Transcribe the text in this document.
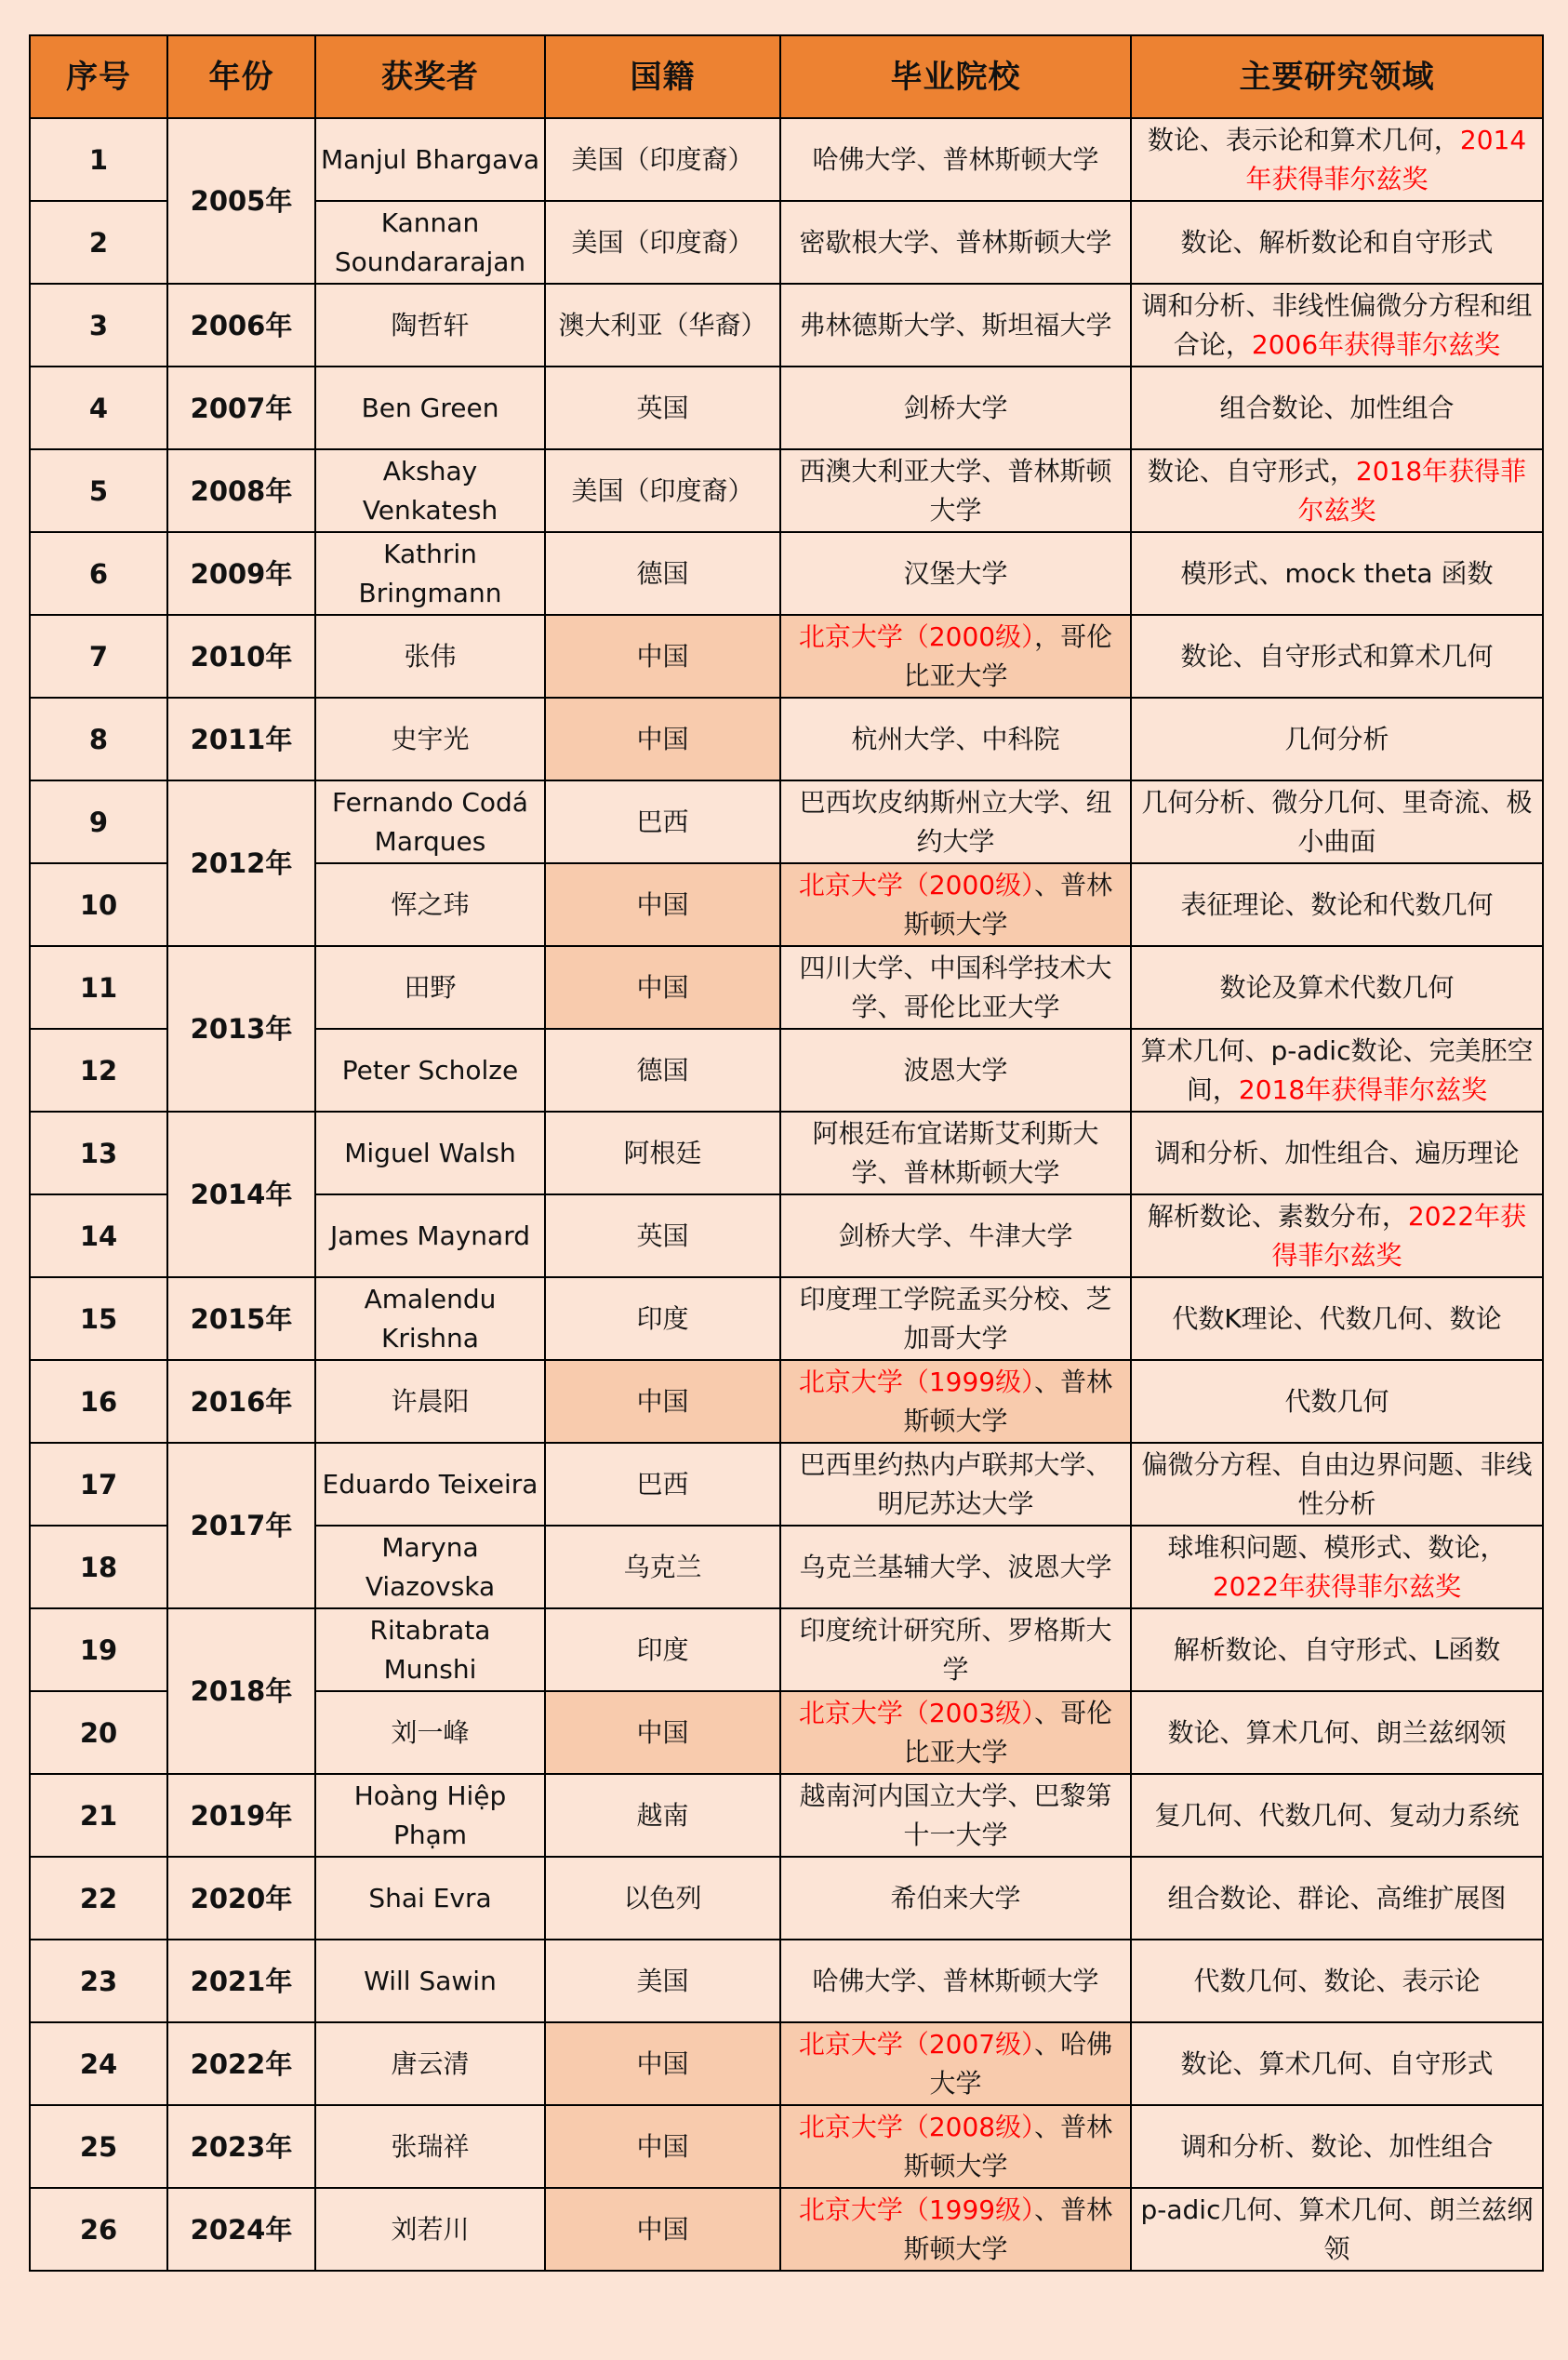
序号	年份	获奖者	国籍	毕业院校	主要研究领域
1	2005年	Manjul Bhargava	美国（印度裔）	哈佛大学、普林斯顿大学	数论、表示论和算术几何，2014年获得菲尔兹奖
2		Kannan Soundararajan	美国（印度裔）	密歇根大学、普林斯顿大学	数论、解析数论和自守形式
3	2006年	陶哲轩	澳大利亚（华裔）	弗林德斯大学、斯坦福大学	调和分析、非线性偏微分方程和组合论，2006年获得菲尔兹奖
4	2007年	Ben Green	英国	剑桥大学	组合数论、加性组合
5	2008年	Akshay Venkatesh	美国（印度裔）	西澳大利亚大学、普林斯顿大学	数论、自守形式，2018年获得菲尔兹奖
6	2009年	Kathrin Bringmann	德国	汉堡大学	模形式、mock theta 函数
7	2010年	张伟	中国	北京大学（2000级），哥伦比亚大学	数论、自守形式和算术几何
8	2011年	史宇光	中国	杭州大学、中科院	几何分析
9	2012年	Fernando Codá Marques	巴西	巴西坎皮纳斯州立大学、纽约大学	几何分析、微分几何、里奇流、极小曲面
10		恽之玮	中国	北京大学（2000级）、普林斯顿大学	表征理论、数论和代数几何
11	2013年	田野	中国	四川大学、中国科学技术大学、哥伦比亚大学	数论及算术代数几何
12		Peter Scholze	德国	波恩大学	算术几何、p-adic数论、完美胚空间，2018年获得菲尔兹奖
13	2014年	Miguel Walsh	阿根廷	阿根廷布宜诺斯艾利斯大学、普林斯顿大学	调和分析、加性组合、遍历理论
14		James Maynard	英国	剑桥大学、牛津大学	解析数论、素数分布，2022年获得菲尔兹奖
15	2015年	Amalendu Krishna	印度	印度理工学院孟买分校、芝加哥大学	代数K理论、代数几何、数论
16	2016年	许晨阳	中国	北京大学（1999级）、普林斯顿大学	代数几何
17	2017年	Eduardo Teixeira	巴西	巴西里约热内卢联邦大学、明尼苏达大学	偏微分方程、自由边界问题、非线性分析
18		Maryna Viazovska	乌克兰	乌克兰基辅大学、波恩大学	球堆积问题、模形式、数论，2022年获得菲尔兹奖
19	2018年	Ritabrata Munshi	印度	印度统计研究所、罗格斯大学	解析数论、自守形式、L函数
20		刘一峰	中国	北京大学（2003级）、哥伦比亚大学	数论、算术几何、朗兰兹纲领
21	2019年	Hoàng Hiệp Phạm	越南	越南河内国立大学、巴黎第十一大学	复几何、代数几何、复动力系统
22	2020年	Shai Evra	以色列	希伯来大学	组合数论、群论、高维扩展图
23	2021年	Will Sawin	美国	哈佛大学、普林斯顿大学	代数几何、数论、表示论
24	2022年	唐云清	中国	北京大学（2007级）、哈佛大学	数论、算术几何、自守形式
25	2023年	张瑞祥	中国	北京大学（2008级）、普林斯顿大学	调和分析、数论、加性组合
26	2024年	刘若川	中国	北京大学（1999级）、普林斯顿大学	p-adic几何、算术几何、朗兰兹纲领
